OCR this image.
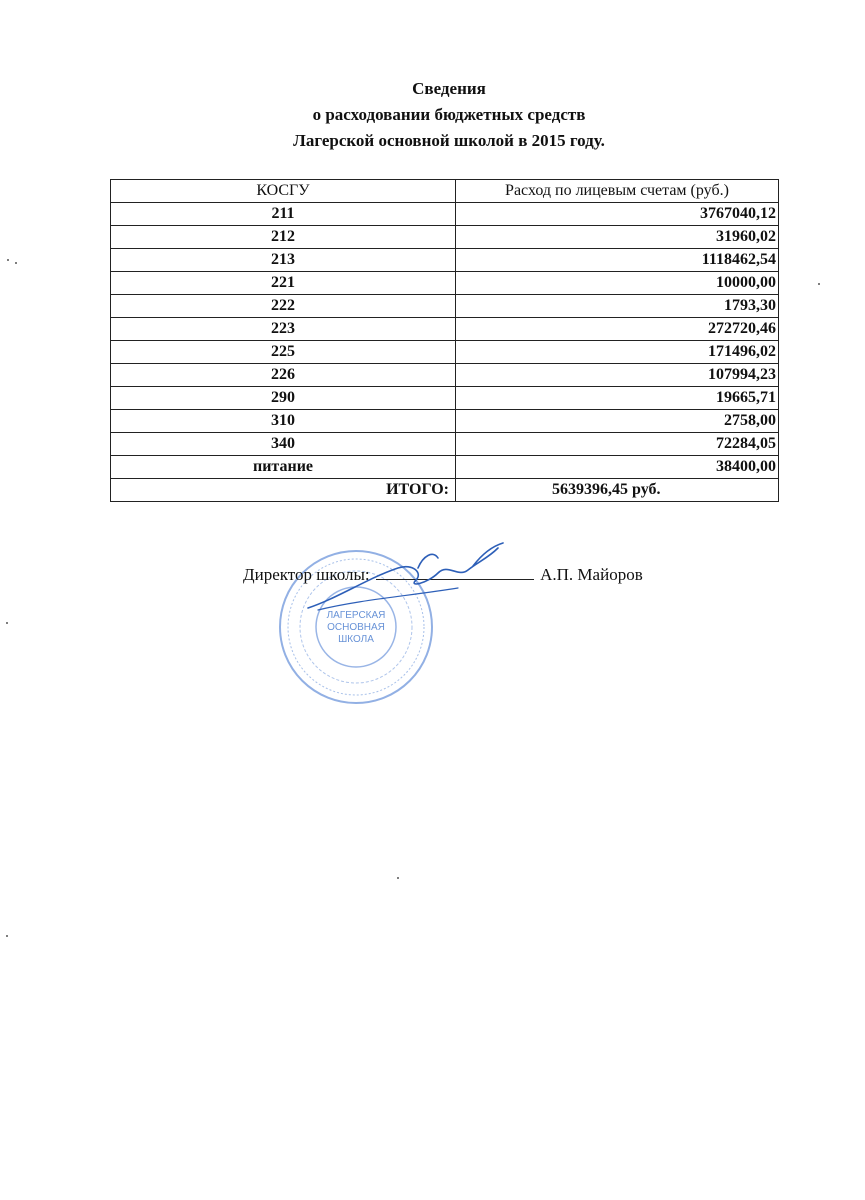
Сведения
о расходовании бюджетных средств
Лагерской основной школой в 2015 году.
КОСГУ	Расход по лицевым счетам (руб.)
211	3767040,12
212	31960,02
213	1118462,54
221	10000,00
222	1793,30
223	272720,46
225	171496,02
226	107994,23
290	19665,71
310	2758,00
340	72284,05
питание	38400,00
ИТОГО:	5639396,45 руб.
ЛАГЕРСКАЯ
ОСНОВНАЯ
ШКОЛА
Директор школы:	А.П. Майоров
